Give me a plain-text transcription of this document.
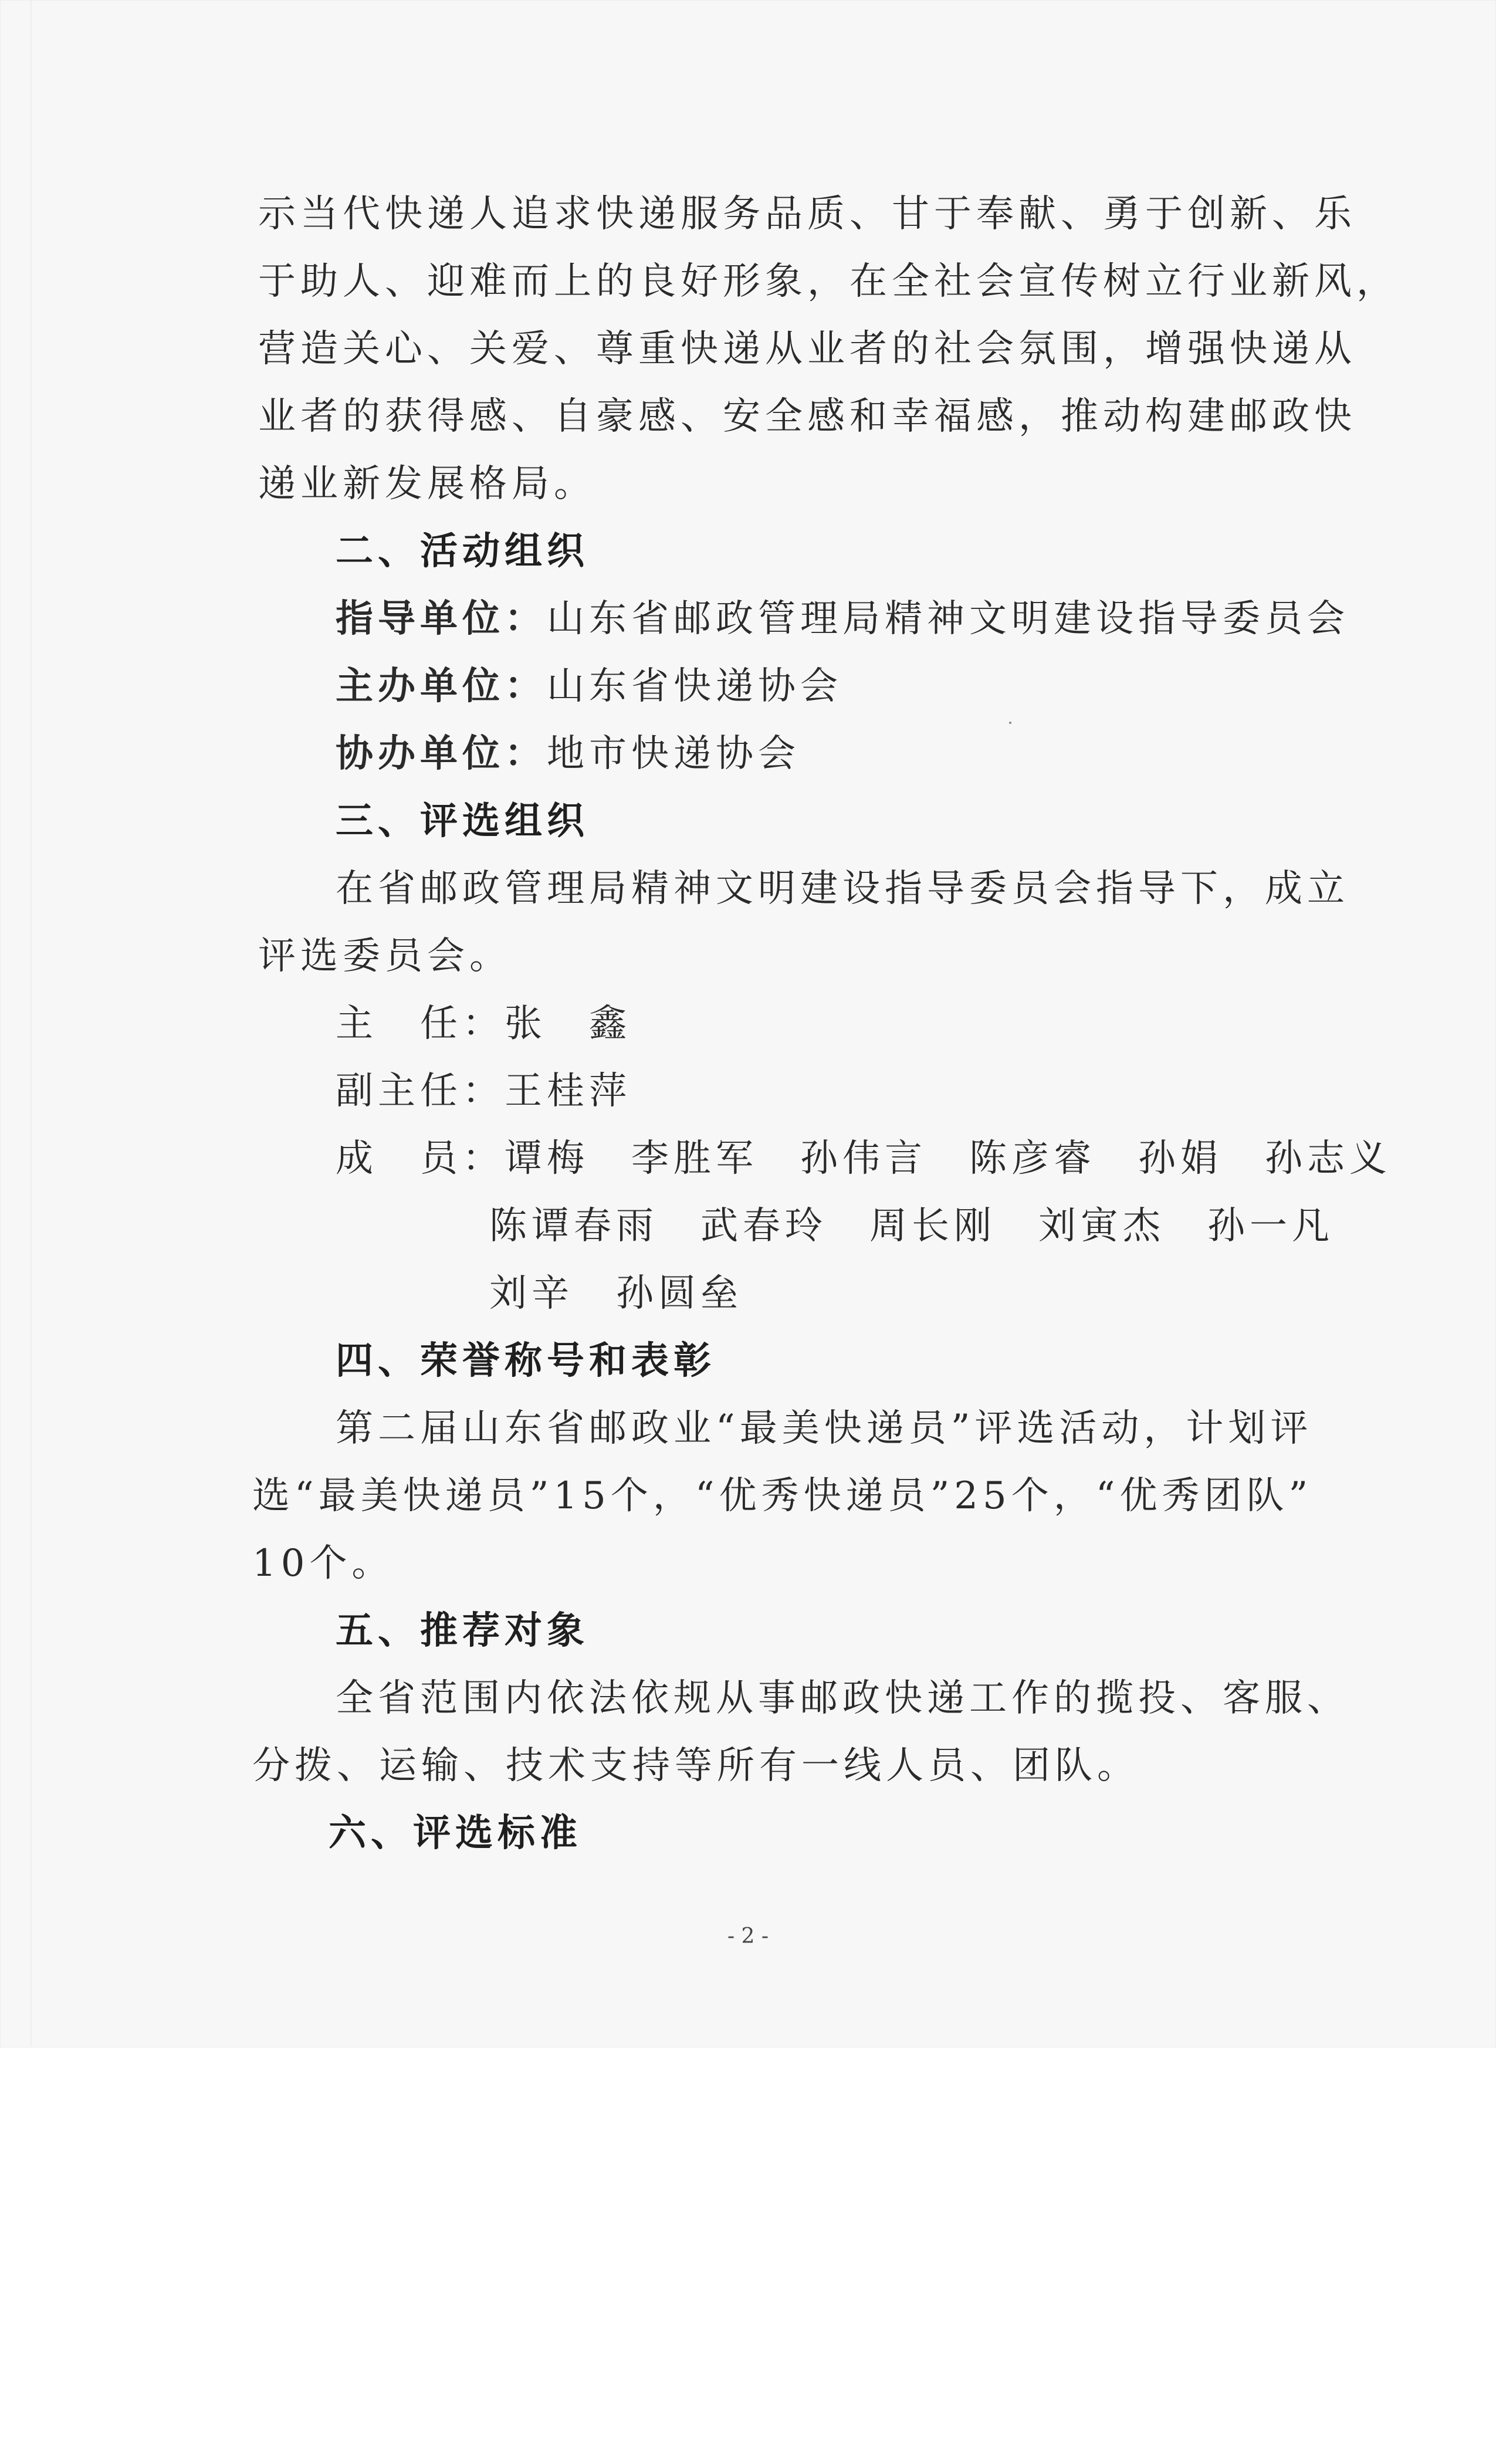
示当代快递人追求快递服务品质、甘于奉献、勇于创新、乐
于助人、迎难而上的良好形象，在全社会宣传树立行业新风，
营造关心、关爱、尊重快递从业者的社会氛围，增强快递从
业者的获得感、自豪感、安全感和幸福感，推动构建邮政快
递业新发展格局。
二、活动组织
指导单位：山东省邮政管理局精神文明建设指导委员会
主办单位：山东省快递协会
协办单位：地市快递协会
三、评选组织
在省邮政管理局精神文明建设指导委员会指导下，成立
评选委员会。
主　任：张　鑫
副主任：王桂萍
成　员：谭梅　李胜军　孙伟言　陈彦睿　孙娟　孙志义
陈谭春雨　武春玲　周长刚　刘寅杰　孙一凡
刘辛　孙圆垒
四、荣誉称号和表彰
第二届山东省邮政业“最美快递员”评选活动，计划评
选“最美快递员”15个，“优秀快递员”25个，“优秀团队”
10个。
五、推荐对象
全省范围内依法依规从事邮政快递工作的揽投、客服、
分拨、运输、技术支持等所有一线人员、团队。
六、评选标准
- 2 -
